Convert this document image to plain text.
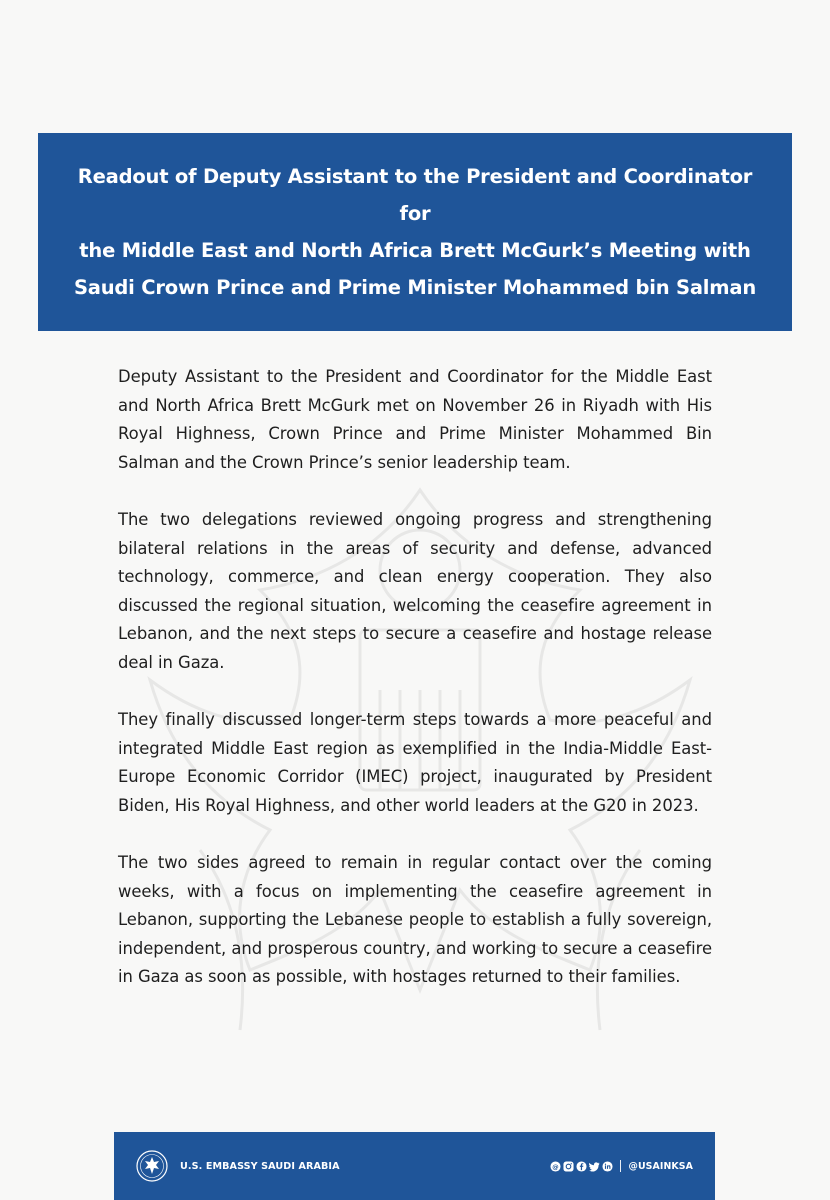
Readout of Deputy Assistant to the President and Coordinator for
the Middle East and North Africa Brett McGurk’s Meeting with
Saudi Crown Prince and Prime Minister Mohammed bin Salman

Deputy Assistant to the President and Coordinator for the Middle East and North Africa Brett McGurk met on November 26 in Riyadh with His Royal Highness, Crown Prince and Prime Minister Mohammed Bin Salman and the Crown Prince’s senior leadership team.

The two delegations reviewed ongoing progress and strengthening bilateral relations in the areas of security and defense, advanced technology, commerce, and clean energy cooperation. They also discussed the regional situation, welcoming the ceasefire agreement in Lebanon, and the next steps to secure a ceasefire and hostage release deal in Gaza.

They finally discussed longer-term steps towards a more peaceful and integrated Middle East region as exemplified in the India-Middle East-Europe Economic Corridor (IMEC) project, inaugurated by President Biden, His Royal Highness, and other world leaders at the G20 in 2023.

The two sides agreed to remain in regular contact over the coming weeks, with a focus on implementing the ceasefire agreement in Lebanon, supporting the Lebanese people to establish a fully sovereign, independent, and prosperous country, and working to secure a ceasefire in Gaza as soon as possible, with hostages returned to their families.

U.S. EMBASSY SAUDI ARABIA	@	@USAINKSA
